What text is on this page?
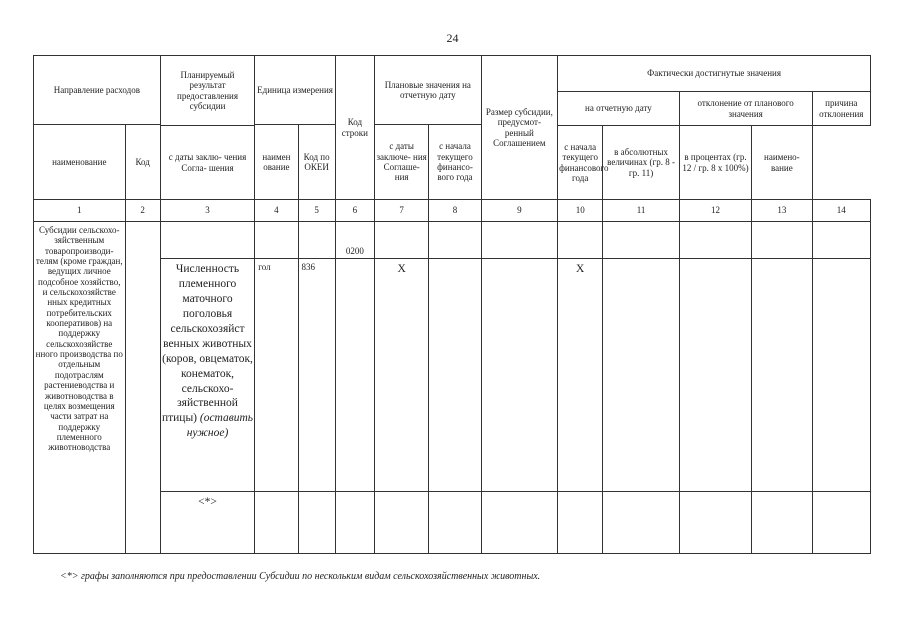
24
Направление расходов		Планируемый результат предоставления субсидии	Единица измерения		Код строки	Плановые значения на отчетную дату		Размер субсидии, предусмот- ренный Соглашением	Фактически достигнутые значения				
									на отчетную дату		отклонение от планового значения		причина отклонения
наименование	Код		наимен ование	Код по ОКЕИ		с даты заключе- ния Соглаше- ния	с начала текущего финансо- вого года						
		с даты заклю- чения Согла- шения							с начала текущего финансового года	в абсолютных величинах (гр. 8 - гр. 11)	в процентах (гр. 12 / гр. 8 х 100%)	наимено- вание	
1	2	3	4	5	6	7	8	9	10	11	12	13	14
Субсидии сельскохо- зяйственным товаропроизводи- телям (кроме граждан, ведущих личное подсобное хозяйство, и сельскохозяйстве нных кредитных потребительских кооперативов) на поддержку сельскохозяйстве нного производства по отдельным подотраслям растениеводства и животноводства в целях возмещения части затрат на поддержку племенного животноводства					0200								
		Численность племенного маточного поголовья сельскохозяйст венных животных (коров, овцематок, конематок, сельскохо- зяйственной птицы) (оставить нужное)	гол	836		Х			Х				
		<*>											
<*> графы заполняются при предоставлении Субсидии по нескольким видам сельскохозяйственных животных.
